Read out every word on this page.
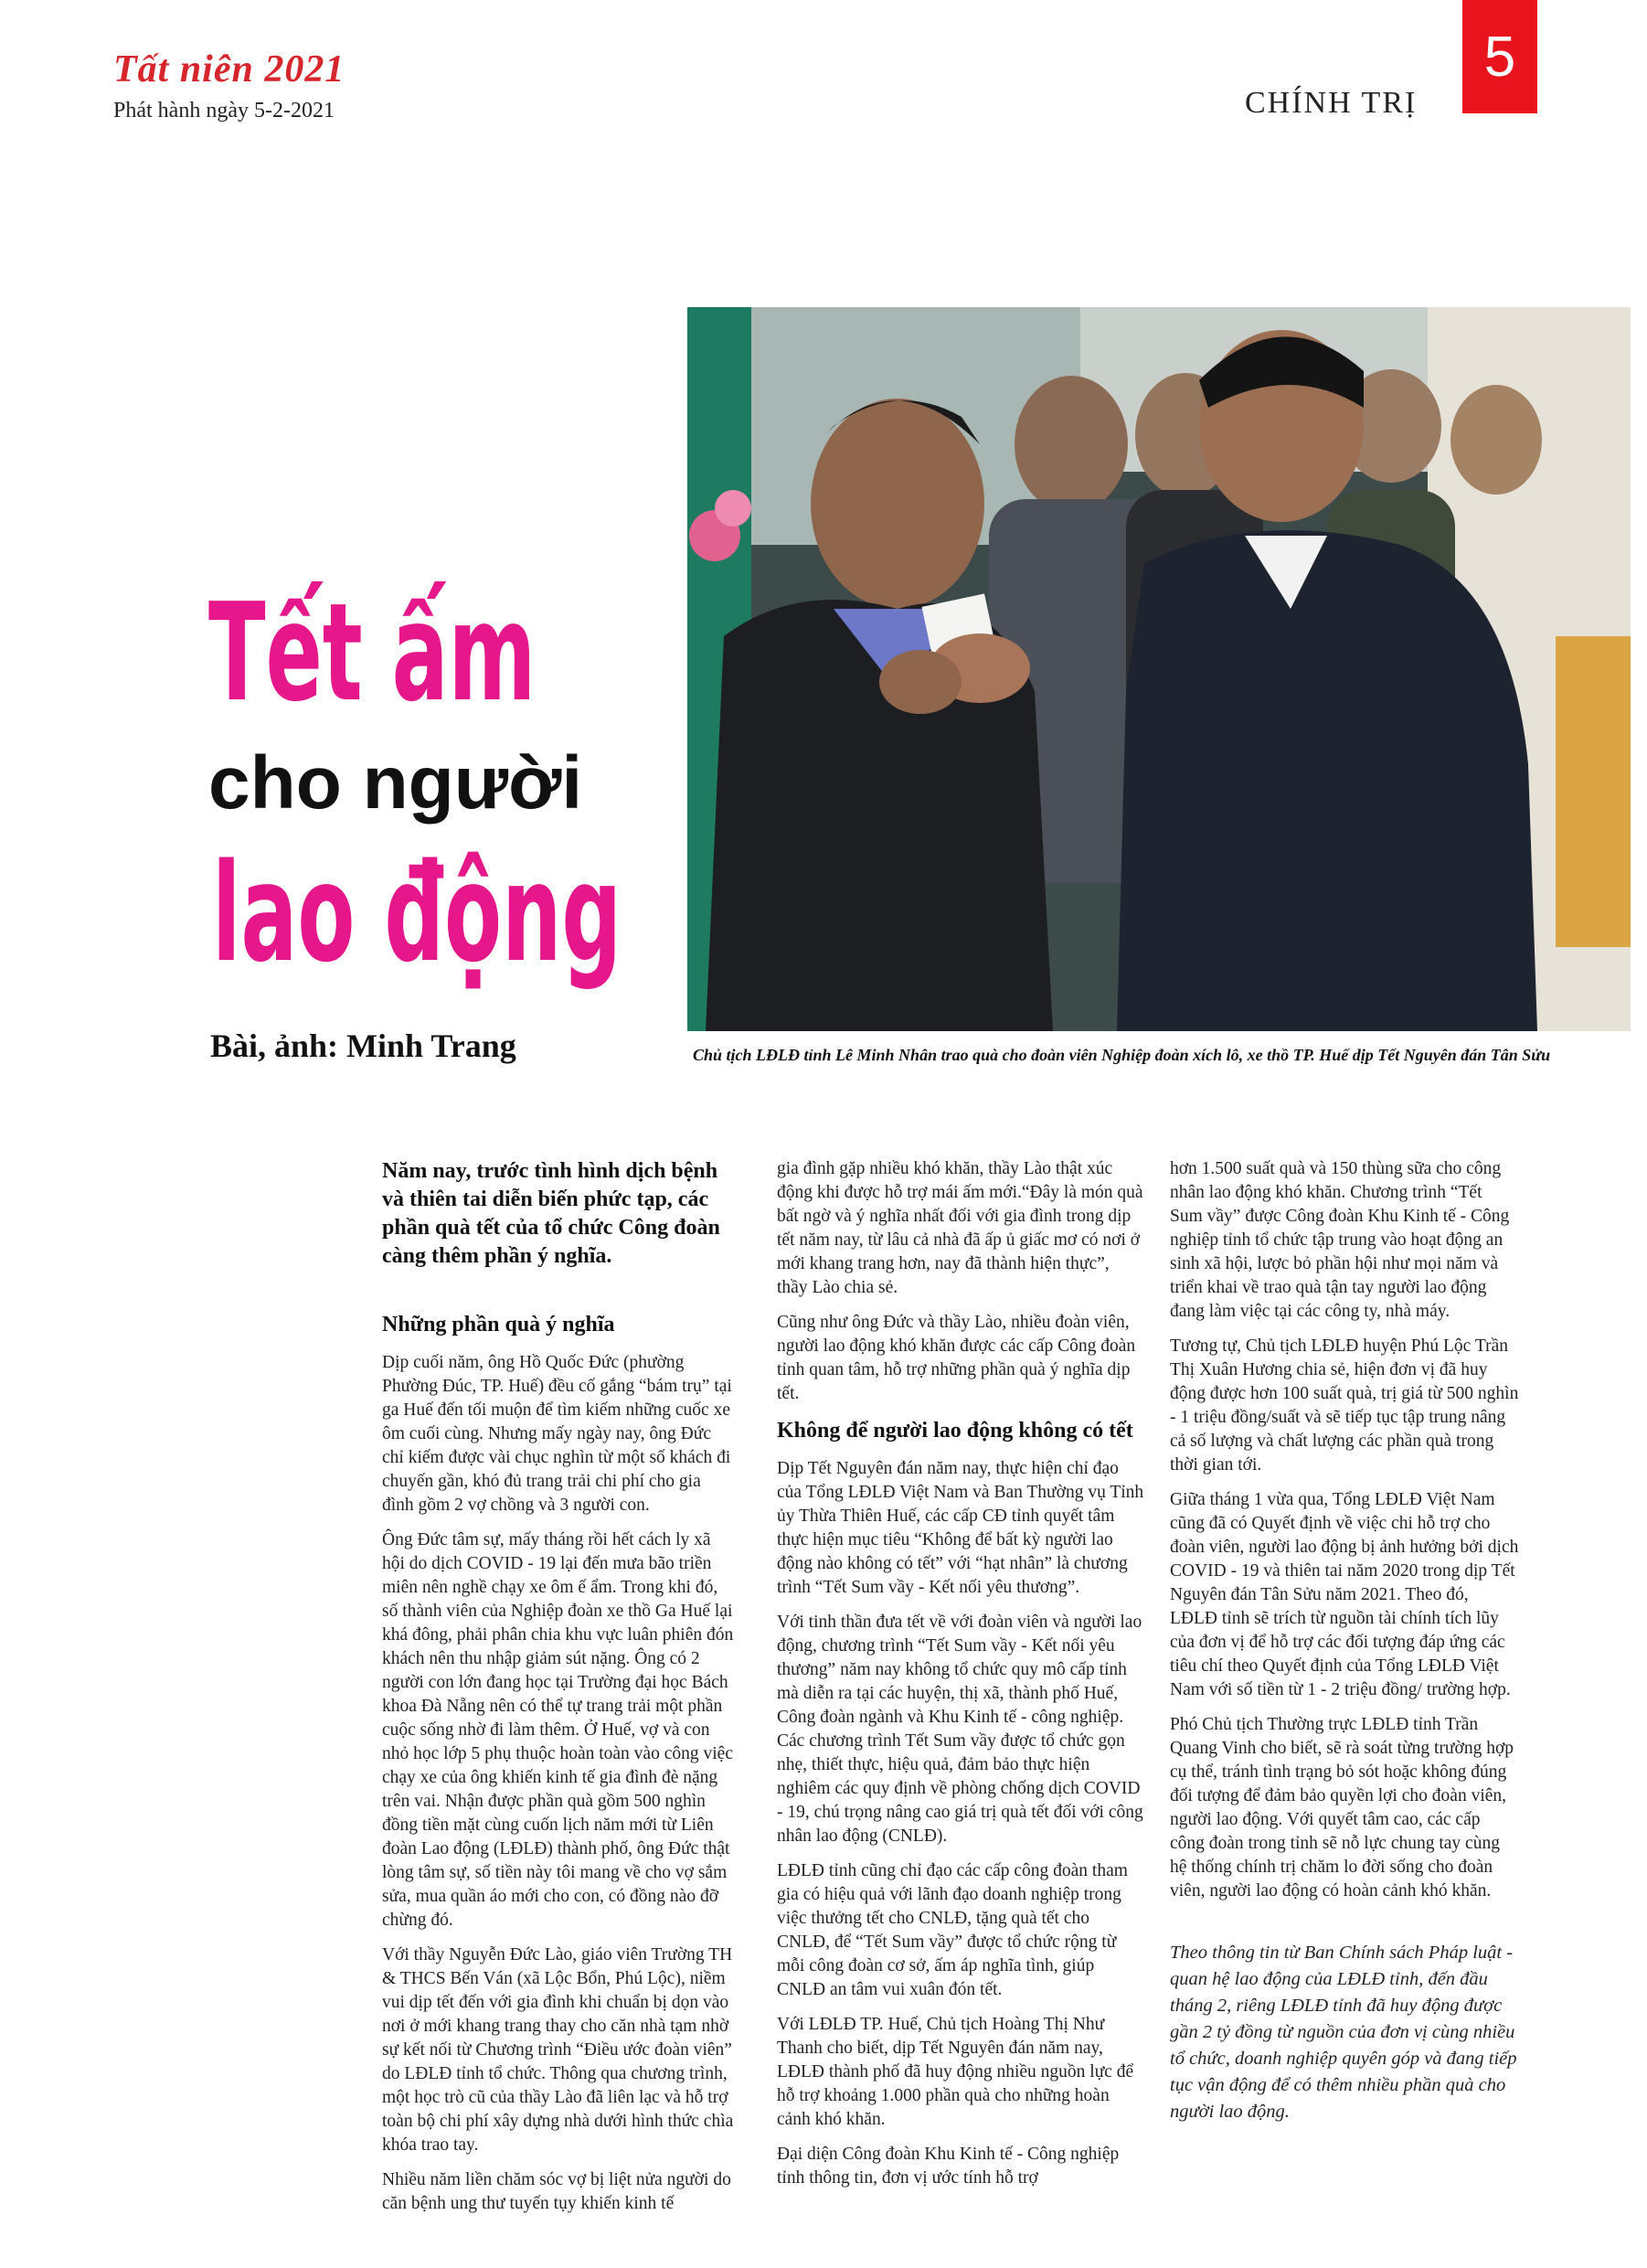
Tất niên 2021
Phát hành ngày 5-2-2021	CHÍNH TRỊ
5
Tết ấm
cho người
lao động
Bài, ảnh: Minh Trang	Chủ tịch LĐLĐ tỉnh Lê Minh Nhân trao quà cho đoàn viên Nghiệp đoàn xích lô, xe thồ TP. Huế dịp Tết Nguyên đán Tân Sửu

Năm nay, trước tình hình dịch bệnh và thiên tai diễn biến phức tạp, các phần quà tết của tổ chức Công đoàn càng thêm phần ý nghĩa.

Những phần quà ý nghĩa

Dịp cuối năm, ông Hồ Quốc Đức (phường Phường Đúc, TP. Huế) đều cố gắng “bám trụ” tại ga Huế đến tối muộn để tìm kiếm những cuốc xe ôm cuối cùng. Nhưng mấy ngày nay, ông Đức chỉ kiếm được vài chục nghìn từ một số khách đi chuyến gần, khó đủ trang trải chi phí cho gia đình gồm 2 vợ chồng và 3 người con.

Ông Đức tâm sự, mấy tháng rồi hết cách ly xã hội do dịch COVID - 19 lại đến mưa bão triền miên nên nghề chạy xe ôm ế ẩm. Trong khi đó, số thành viên của Nghiệp đoàn xe thồ Ga Huế lại khá đông, phải phân chia khu vực luân phiên đón khách nên thu nhập giảm sút nặng. Ông có 2 người con lớn đang học tại Trường đại học Bách khoa Đà Nẵng nên có thể tự trang trải một phần cuộc sống nhờ đi làm thêm. Ở Huế, vợ và con nhỏ học lớp 5 phụ thuộc hoàn toàn vào công việc chạy xe của ông khiến kinh tế gia đình đè nặng trên vai. Nhận được phần quà gồm 500 nghìn đồng tiền mặt cùng cuốn lịch năm mới từ Liên đoàn Lao động (LĐLĐ) thành phố, ông Đức thật lòng tâm sự, số tiền này tôi mang về cho vợ sắm sửa, mua quần áo mới cho con, có đồng nào đỡ chừng đó.

Với thầy Nguyễn Đức Lào, giáo viên Trường TH & THCS Bến Ván (xã Lộc Bổn, Phú Lộc), niềm vui dịp tết đến với gia đình khi chuẩn bị dọn vào nơi ở mới khang trang thay cho căn nhà tạm nhờ sự kết nối từ Chương trình “Điều ước đoàn viên” do LĐLĐ tỉnh tổ chức. Thông qua chương trình, một học trò cũ của thầy Lào đã liên lạc và hỗ trợ toàn bộ chi phí xây dựng nhà dưới hình thức chìa khóa trao tay.

Nhiều năm liền chăm sóc vợ bị liệt nửa người do căn bệnh ung thư tuyến tụy khiến kinh tế

gia đình gặp nhiều khó khăn, thầy Lào thật xúc động khi được hỗ trợ mái ấm mới.“Đây là món quà bất ngờ và ý nghĩa nhất đối với gia đình trong dịp tết năm nay, từ lâu cả nhà đã ấp ủ giấc mơ có nơi ở mới khang trang hơn, nay đã thành hiện thực”, thầy Lào chia sẻ.

Cũng như ông Đức và thầy Lào, nhiều đoàn viên, người lao động khó khăn được các cấp Công đoàn tỉnh quan tâm, hỗ trợ những phần quà ý nghĩa dịp tết.

Không để người lao động không có tết

Dịp Tết Nguyên đán năm nay, thực hiện chỉ đạo của Tổng LĐLĐ Việt Nam và Ban Thường vụ Tỉnh ủy Thừa Thiên Huế, các cấp CĐ tỉnh quyết tâm thực hiện mục tiêu “Không để bất kỳ người lao động nào không có tết” với “hạt nhân” là chương trình “Tết Sum vầy - Kết nối yêu thương”.

Với tinh thần đưa tết về với đoàn viên và người lao động, chương trình “Tết Sum vầy - Kết nối yêu thương” năm nay không tổ chức quy mô cấp tỉnh mà diễn ra tại các huyện, thị xã, thành phố Huế, Công đoàn ngành và Khu Kinh tế - công nghiệp. Các chương trình Tết Sum vầy được tổ chức gọn nhẹ, thiết thực, hiệu quả, đảm bảo thực hiện nghiêm các quy định về phòng chống dịch COVID - 19, chú trọng nâng cao giá trị quà tết đối với công nhân lao động (CNLĐ).

LĐLĐ tỉnh cũng chỉ đạo các cấp công đoàn tham gia có hiệu quả với lãnh đạo doanh nghiệp trong việc thưởng tết cho CNLĐ, tặng quà tết cho CNLĐ, để “Tết Sum vầy” được tổ chức rộng từ mỗi công đoàn cơ sở, ấm áp nghĩa tình, giúp CNLĐ an tâm vui xuân đón tết.

Với LĐLĐ TP. Huế, Chủ tịch Hoàng Thị Như Thanh cho biết, dịp Tết Nguyên đán năm nay, LĐLĐ thành phố đã huy động nhiều nguồn lực để hỗ trợ khoảng 1.000 phần quà cho những hoàn cảnh khó khăn.

Đại diện Công đoàn Khu Kinh tế - Công nghiệp tỉnh thông tin, đơn vị ước tính hỗ trợ

hơn 1.500 suất quà và 150 thùng sữa cho công nhân lao động khó khăn. Chương trình “Tết Sum vầy” được Công đoàn Khu Kinh tế - Công nghiệp tỉnh tổ chức tập trung vào hoạt động an sinh xã hội, lược bỏ phần hội như mọi năm và triển khai về trao quà tận tay người lao động đang làm việc tại các công ty, nhà máy.

Tương tự, Chủ tịch LĐLĐ huyện Phú Lộc Trần Thị Xuân Hương chia sẻ, hiện đơn vị đã huy động được hơn 100 suất quà, trị giá từ 500 nghìn - 1 triệu đồng/suất và sẽ tiếp tục tập trung nâng cả số lượng và chất lượng các phần quà trong thời gian tới.

Giữa tháng 1 vừa qua, Tổng LĐLĐ Việt Nam cũng đã có Quyết định về việc chi hỗ trợ cho đoàn viên, người lao động bị ảnh hưởng bởi dịch COVID - 19 và thiên tai năm 2020 trong dịp Tết Nguyên đán Tân Sửu năm 2021. Theo đó, LĐLĐ tỉnh sẽ trích từ nguồn tài chính tích lũy của đơn vị để hỗ trợ các đối tượng đáp ứng các tiêu chí theo Quyết định của Tổng LĐLĐ Việt Nam với số tiền từ 1 - 2 triệu đồng/ trường hợp.

Phó Chủ tịch Thường trực LĐLĐ tỉnh Trần Quang Vinh cho biết, sẽ rà soát từng trường hợp cụ thể, tránh tình trạng bỏ sót hoặc không đúng đối tượng để đảm bảo quyền lợi cho đoàn viên, người lao động. Với quyết tâm cao, các cấp công đoàn trong tỉnh sẽ nỗ lực chung tay cùng hệ thống chính trị chăm lo đời sống cho đoàn viên, người lao động có hoàn cảnh khó khăn.

Theo thông tin từ Ban Chính sách Pháp luật - quan hệ lao động của LĐLĐ tỉnh, đến đầu tháng 2, riêng LĐLĐ tỉnh đã huy động được gần 2 tỷ đồng từ nguồn của đơn vị cùng nhiều tổ chức, doanh nghiệp quyên góp và đang tiếp tục vận động để có thêm nhiều phần quà cho người lao động.
